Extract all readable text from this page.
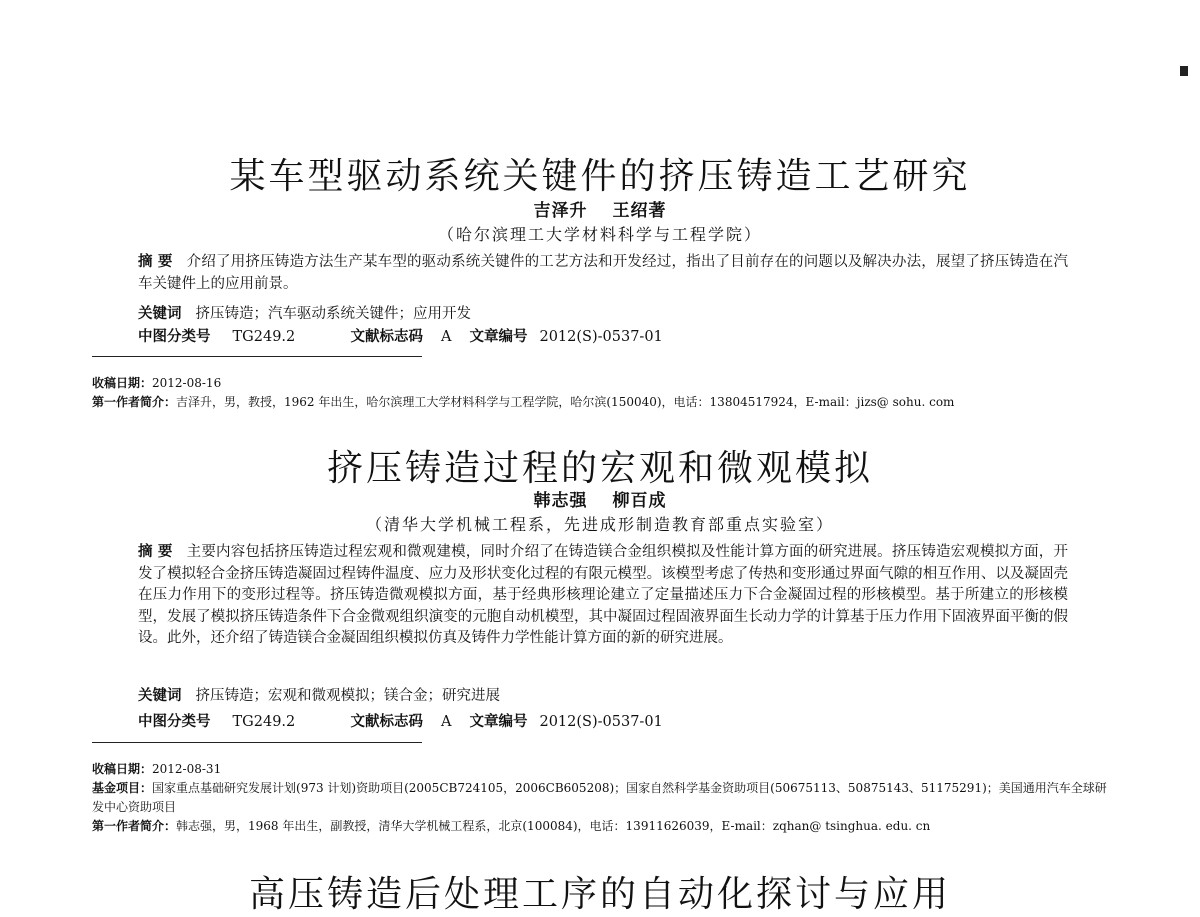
某车型驱动系统关键件的挤压铸造工艺研究
吉泽升 王绍著
（哈尔滨理工大学材料科学与工程学院）

摘 要 介绍了用挤压铸造方法生产某车型的驱动系统关键件的工艺方法和开发经过，指出了目前存在的问题以及解决办法，展望了挤压铸造在汽车关键件上的应用前景。

关键词 挤压铸造；汽车驱动系统关键件；应用开发
中图分类号 TG249.2	文献标志码 A 文章编号 2012(S)-0537-01

收稿日期：2012-08-16
第一作者简介：吉泽升，男，教授，1962 年出生，哈尔滨理工大学材料科学与工程学院，哈尔滨(150040)，电话：13804517924，E-mail：jizs@ sohu. com

挤压铸造过程的宏观和微观模拟
韩志强 柳百成
（清华大学机械工程系，先进成形制造教育部重点实验室）

摘 要 主要内容包括挤压铸造过程宏观和微观建模，同时介绍了在铸造镁合金组织模拟及性能计算方面的研究进展。挤压铸造宏观模拟方面，开发了模拟轻合金挤压铸造凝固过程铸件温度、应力及形状变化过程的有限元模型。该模型考虑了传热和变形通过界面气隙的相互作用、以及凝固壳在压力作用下的变形过程等。挤压铸造微观模拟方面，基于经典形核理论建立了定量描述压力下合金凝固过程的形核模型。基于所建立的形核模型，发展了模拟挤压铸造条件下合金微观组织演变的元胞自动机模型，其中凝固过程固液界面生长动力学的计算基于压力作用下固液界面平衡的假设。此外，还介绍了铸造镁合金凝固组织模拟仿真及铸件力学性能计算方面的新的研究进展。

关键词 挤压铸造；宏观和微观模拟；镁合金；研究进展
中图分类号 TG249.2	文献标志码 A 文章编号 2012(S)-0537-01

收稿日期：2012-08-31
基金项目：国家重点基础研究发展计划(973 计划)资助项目(2005CB724105，2006CB605208)；国家自然科学基金资助项目(50675113、50875143、51175291)；美国通用汽车全球研发中心资助项目
第一作者简介：韩志强，男，1968 年出生，副教授，清华大学机械工程系，北京(100084)，电话：13911626039，E-mail：zqhan@ tsinghua. edu. cn

高压铸造后处理工序的自动化探讨与应用
